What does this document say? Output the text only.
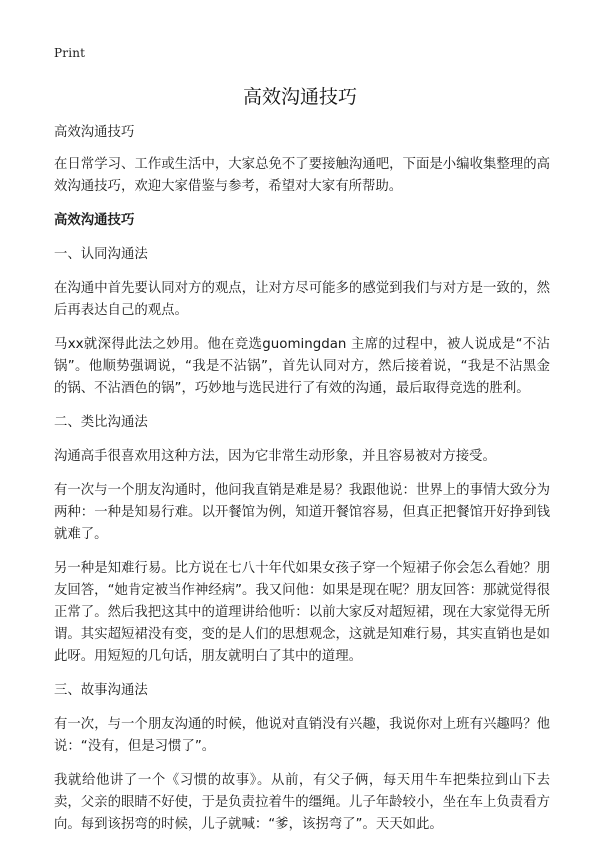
Print
高效沟通技巧

高效沟通技巧

在日常学习、工作或生活中，大家总免不了要接触沟通吧，下面是小编收集整理的高效沟通技巧，欢迎大家借鉴与参考，希望对大家有所帮助。

高效沟通技巧

一、认同沟通法

在沟通中首先要认同对方的观点，让对方尽可能多的感觉到我们与对方是一致的，然后再表达自己的观点。

马xx就深得此法之妙用。他在竞选guomingdan 主席的过程中，被人说成是“不沾锅”。他顺势强调说，“我是不沾锅”，首先认同对方，然后接着说，“我是不沾黑金的锅、不沾酒色的锅”，巧妙地与选民进行了有效的沟通，最后取得竞选的胜利。

二、类比沟通法

沟通高手很喜欢用这种方法，因为它非常生动形象，并且容易被对方接受。

有一次与一个朋友沟通时，他问我直销是难是易？我跟他说：世界上的事情大致分为两种：一种是知易行难。以开餐馆为例，知道开餐馆容易，但真正把餐馆开好挣到钱就难了。

另一种是知难行易。比方说在七八十年代如果女孩子穿一个短裙子你会怎么看她？朋友回答，“她肯定被当作神经病”。我又问他：如果是现在呢？朋友回答：那就觉得很正常了。然后我把这其中的道理讲给他听：以前大家反对超短裙，现在大家觉得无所谓。其实超短裙没有变，变的是人们的思想观念，这就是知难行易，其实直销也是如此呀。用短短的几句话，朋友就明白了其中的道理。

三、故事沟通法

有一次，与一个朋友沟通的时候，他说对直销没有兴趣，我说你对上班有兴趣吗？他说：“没有，但是习惯了”。

我就给他讲了一个《习惯的故事》。从前，有父子俩，每天用牛车把柴拉到山下去卖，父亲的眼睛不好使，于是负责拉着牛的缰绳。儿子年龄较小，坐在车上负责看方向。每到该拐弯的时候，儿子就喊：“爹，该拐弯了”。天天如此。
